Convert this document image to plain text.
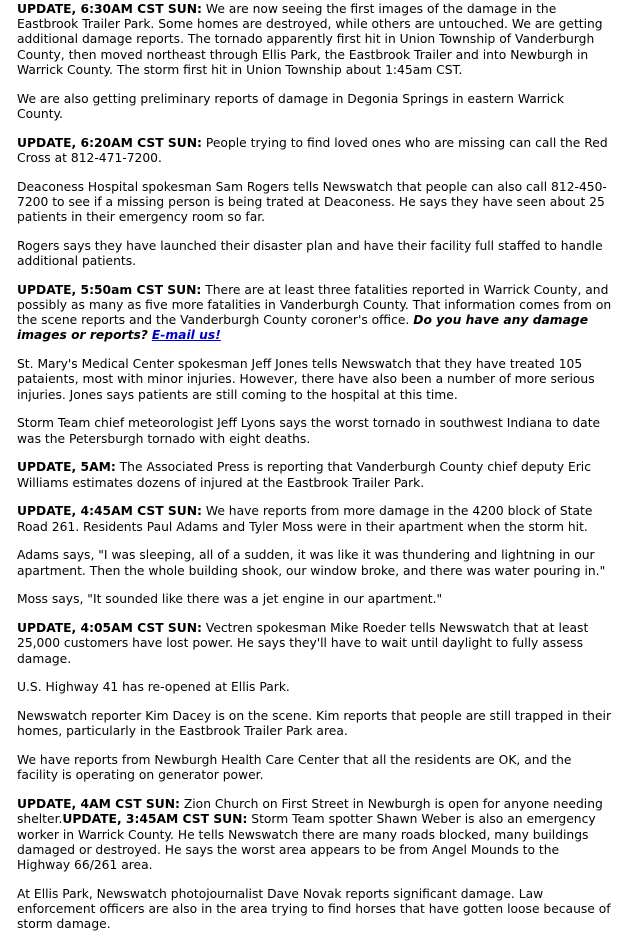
UPDATE, 6:30AM CST SUN: We are now seeing the first images of the damage in the Eastbrook Trailer Park. Some homes are destroyed, while others are untouched. We are getting additional damage reports. The tornado apparently first hit in Union Township of Vanderburgh County, then moved northeast through Ellis Park, the Eastbrook Trailer and into Newburgh in Warrick County. The storm first hit in Union Township about 1:45am CST.

We are also getting preliminary reports of damage in Degonia Springs in eastern Warrick County.

UPDATE, 6:20AM CST SUN: People trying to find loved ones who are missing can call the Red Cross at 812-471-7200.

Deaconess Hospital spokesman Sam Rogers tells Newswatch that people can also call 812-450-7200 to see if a missing person is being trated at Deaconess. He says they have seen about 25 patients in their emergency room so far.

Rogers says they have launched their disaster plan and have their facility full staffed to handle additional patients.

UPDATE, 5:50am CST SUN: There are at least three fatalities reported in Warrick County, and possibly as many as five more fatalities in Vanderburgh County. That information comes from on the scene reports and the Vanderburgh County coroner's office. Do you have any damage images or reports? E-mail us!

St. Mary's Medical Center spokesman Jeff Jones tells Newswatch that they have treated 105 pataients, most with minor injuries. However, there have also been a number of more serious injuries. Jones says patients are still coming to the hospital at this time.

Storm Team chief meteorologist Jeff Lyons says the worst tornado in southwest Indiana to date was the Petersburgh tornado with eight deaths.

UPDATE, 5AM: The Associated Press is reporting that Vanderburgh County chief deputy Eric Williams estimates dozens of injured at the Eastbrook Trailer Park.

UPDATE, 4:45AM CST SUN: We have reports from more damage in the 4200 block of State Road 261. Residents Paul Adams and Tyler Moss were in their apartment when the storm hit.

Adams says, "I was sleeping, all of a sudden, it was like it was thundering and lightning in our apartment. Then the whole building shook, our window broke, and there was water pouring in."

Moss says, "It sounded like there was a jet engine in our apartment."

UPDATE, 4:05AM CST SUN: Vectren spokesman Mike Roeder tells Newswatch that at least 25,000 customers have lost power. He says they'll have to wait until daylight to fully assess damage.

U.S. Highway 41 has re-opened at Ellis Park.

Newswatch reporter Kim Dacey is on the scene. Kim reports that people are still trapped in their homes, particularly in the Eastbrook Trailer Park area.

We have reports from Newburgh Health Care Center that all the residents are OK, and the facility is operating on generator power.

UPDATE, 4AM CST SUN: Zion Church on First Street in Newburgh is open for anyone needing shelter.UPDATE, 3:45AM CST SUN: Storm Team spotter Shawn Weber is also an emergency worker in Warrick County. He tells Newswatch there are many roads blocked, many buildings damaged or destroyed. He says the worst area appears to be from Angel Mounds to the Highway 66/261 area.

At Ellis Park, Newswatch photojournalist Dave Novak reports significant damage. Law enforcement officers are also in the area trying to find horses that have gotten loose because of storm damage.
